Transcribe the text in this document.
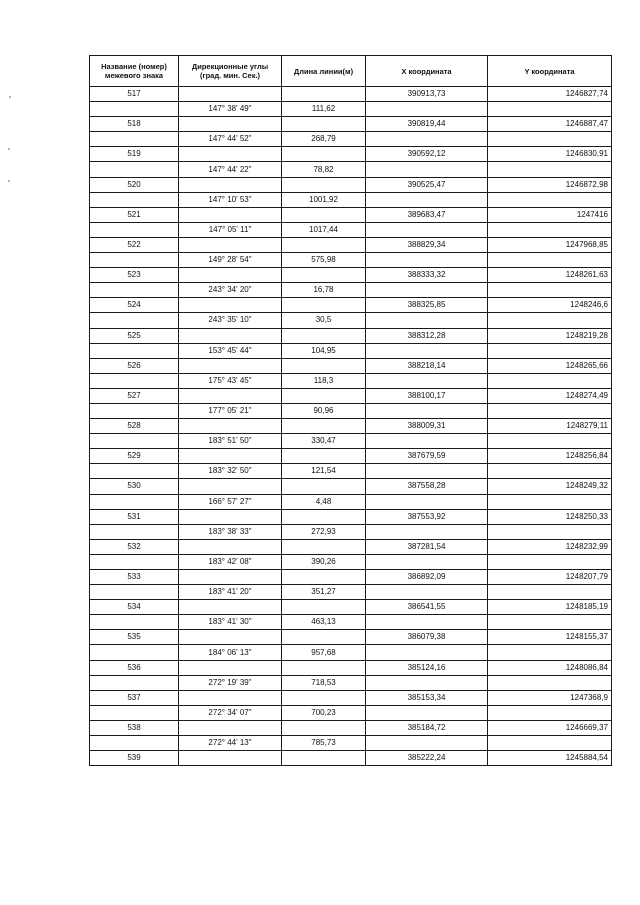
Название (номер) межевого знака	Дирекционные углы (град. мин. Сек.)	Длина линии(м)	X координата	Y координата
517			390913,73	1246827,74
	147° 38' 49"	111,62		
518			390819,44	1246887,47
	147° 44' 52"	268,79		
519			390592,12	1246830,91
	147° 44' 22"	78,82		
520			390525,47	1246872,98
	147° 10' 53"	1001,92		
521			389683,47	1247416
	147° 05' 11"	1017,44		
522			388829,34	1247968,85
	149° 28' 54"	575,98		
523			388333,32	1248261,63
	243° 34' 20"	16,78		
524			388325,85	1248246,6
	243° 35' 10"	30,5		
525			388312,28	1248219,28
	153° 45' 44"	104,95		
526			388218,14	1248265,66
	175° 43' 45"	118,3		
527			388100,17	1248274,49
	177° 05' 21"	90,96		
528			388009,31	1248279,11
	183° 51' 50"	330,47		
529			387679,59	1248256,84
	183° 32' 50"	121,54		
530			387558,28	1248249,32
	166° 57' 27"	4,48		
531			387553,92	1248250,33
	183° 38' 33"	272,93		
532			387281,54	1248232,99
	183° 42' 08"	390,26		
533			386892,09	1248207,79
	183° 41' 20"	351,27		
534			386541,55	1248185,19
	183° 41' 30"	463,13		
535			386079,38	1248155,37
	184° 06' 13"	957,68		
536			385124,16	1248086,84
	272° 19' 39"	718,53		
537			385153,34	1247368,9
	272° 34' 07"	700,23		
538			385184,72	1246669,37
	272° 44' 13"	785,73		
539			385222,24	1245884,54
